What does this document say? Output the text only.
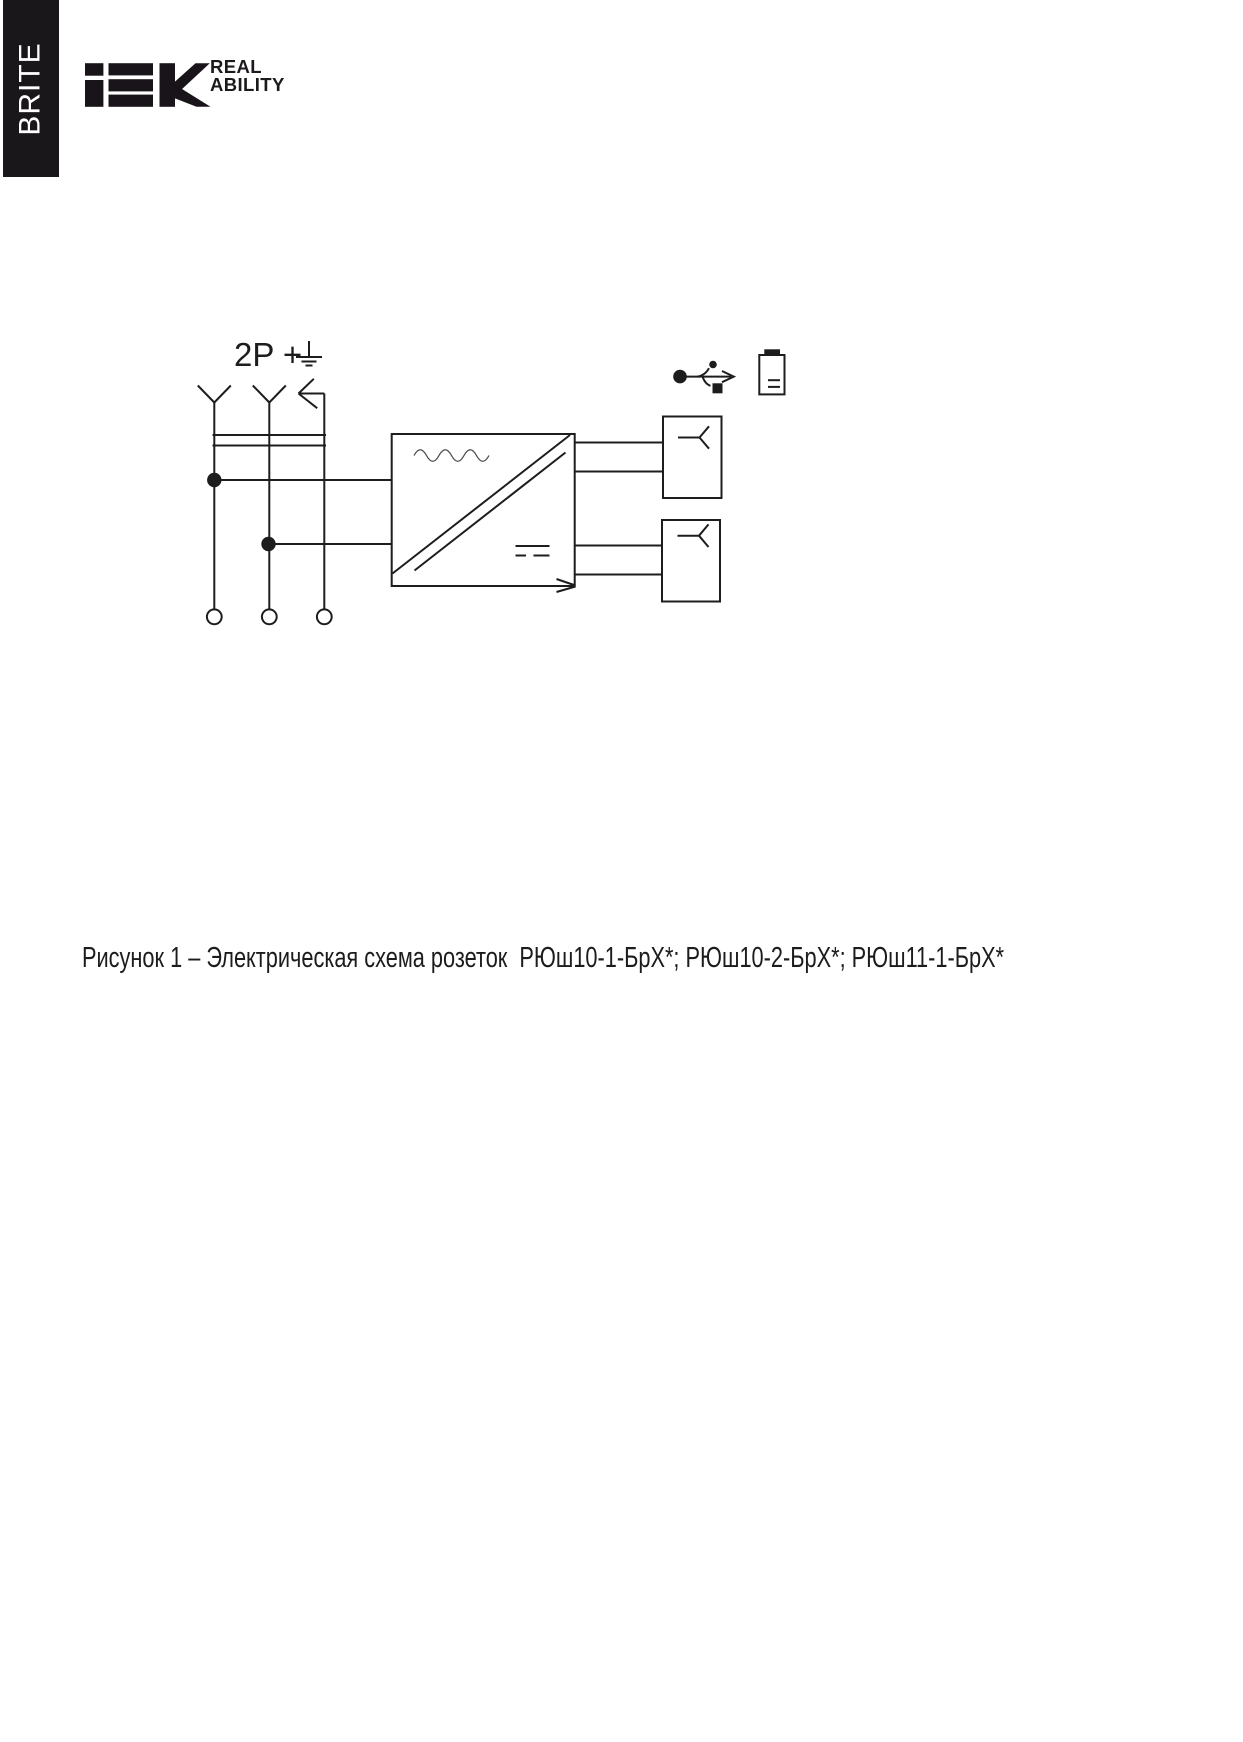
BRITE	REAL
ABILITY
2P +
Рисунок 1 – Электрическая схема розеток  РЮш10-1-БрХ*; РЮш10-2-БрХ*; РЮш11-1-БрХ*
